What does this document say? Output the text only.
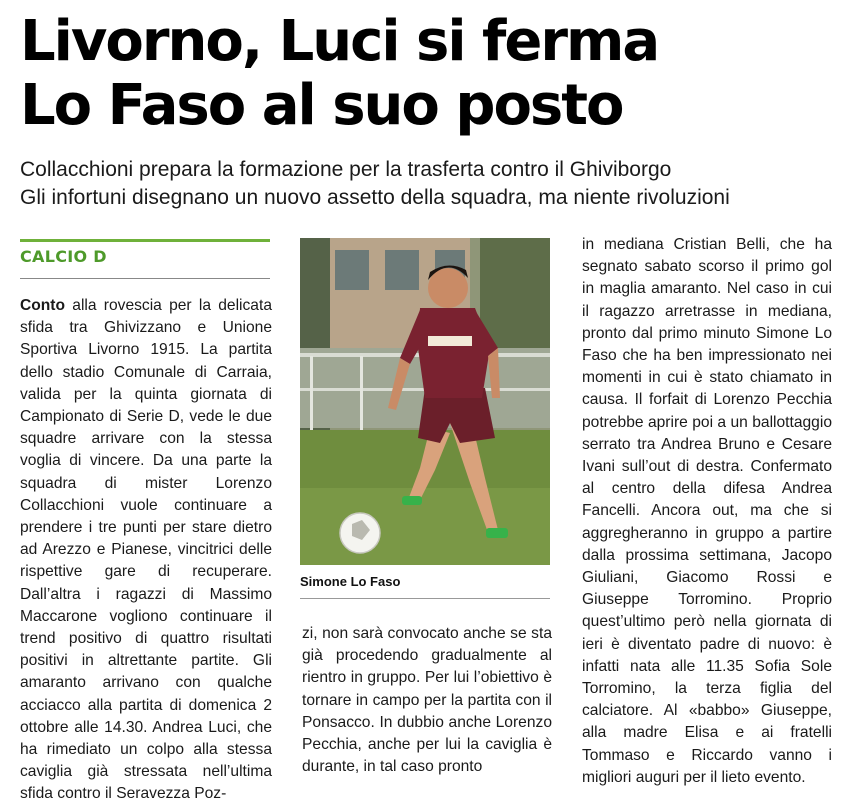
Livorno, Luci si ferma
Lo Faso al suo posto
Collacchioni prepara la formazione per la trasferta contro il Ghiviborgo
Gli infortuni disegnano un nuovo assetto della squadra, ma niente rivoluzioni
CALCIO D

Conto alla rovescia per la delicata sfida tra Ghivizzano e Unione Sportiva Livorno 1915. La partita dello stadio Comunale di Carraia, valida per la quinta giornata di Campionato di Serie D, vede le due squadre arrivare con la stessa voglia di vincere. Da una parte la squadra di mister Lorenzo Collacchioni vuole continuare a prendere i tre punti per stare dietro ad Arezzo e Pianese, vincitrici delle rispettive gare di recuperare. Dall’altra i ragazzi di Massimo Maccarone vogliono continuare il trend positivo di quattro risultati positivi in altrettante partite. Gli amaranto arrivano con qualche acciacco alla partita di domenica 2 ottobre alle 14.30. Andrea Luci, che ha rimediato un colpo alla stessa caviglia già stressata nell’ultima sfida contro il Seravezza Poz-

Simone Lo Faso

zi, non sarà convocato anche se sta già procedendo gradualmente al rientro in gruppo. Per lui l’obiettivo è tornare in campo per la partita con il Ponsacco. In dubbio anche Lorenzo Pecchia, anche per lui la caviglia è durante, in tal caso pronto

in mediana Cristian Belli, che ha segnato sabato scorso il primo gol in maglia amaranto. Nel caso in cui il ragazzo arretrasse in mediana, pronto dal primo minuto Simone Lo Faso che ha ben impressionato nei momenti in cui è stato chiamato in causa. Il forfait di Lorenzo Pecchia potrebbe aprire poi a un ballottaggio serrato tra Andrea Bruno e Cesare Ivani sull’out di destra. Confermato al centro della difesa Andrea Fancelli. Ancora out, ma che si aggregheranno in gruppo a partire dalla prossima settimana, Jacopo Giuliani, Giacomo Rossi e Giuseppe Torromino. Proprio quest’ultimo però nella giornata di ieri è diventato padre di nuovo: è infatti nata alle 11.35 Sofia Sole Torromino, la terza figlia del calciatore. Al «babbo» Giuseppe, alla madre Elisa e ai fratelli Tommaso e Riccardo vanno i migliori auguri per il lieto evento.
